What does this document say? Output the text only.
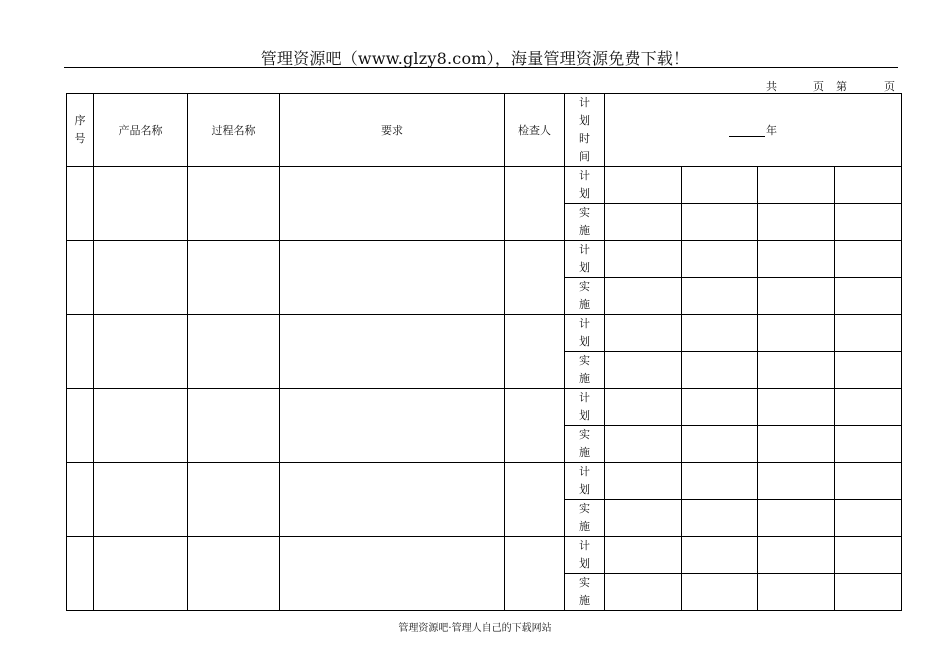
管理资源吧（www.glzy8.com），海量管理资源免费下载！
共	页 第	页
序号	产品名称	过程名称	要求	检查人	计划时间	年			
					计划				
					实施				
					计划				
					实施				
					计划				
					实施				
					计划				
					实施				
					计划				
					实施				
					计划				
					实施				
管理资源吧·管理人自己的下载网站
